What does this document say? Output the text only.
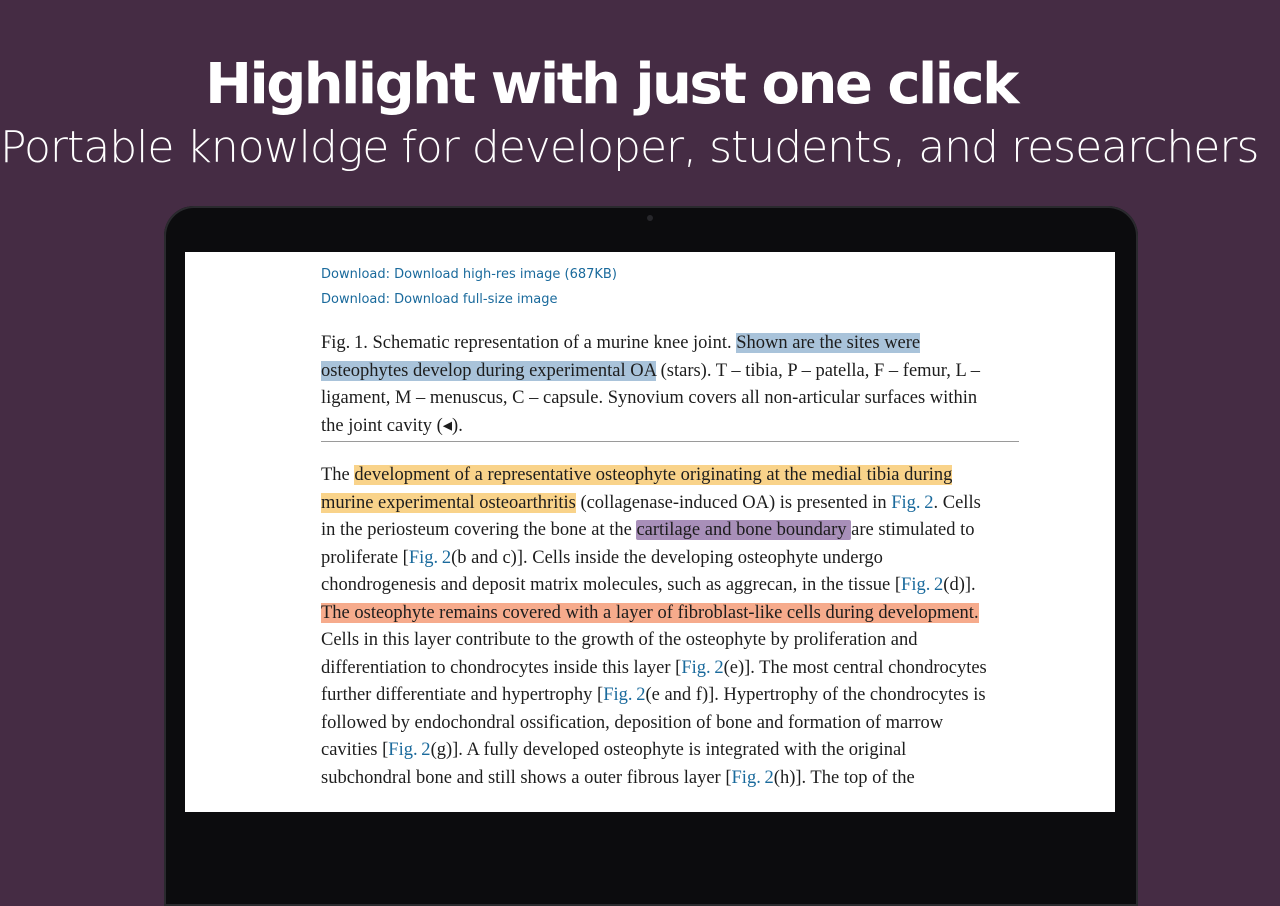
Highlight with just one click
Portable knowldge for developer, students, and researchers
Download: Download high-res image (687KB)
Download: Download full-size image
Fig. 1. Schematic representation of a murine knee joint. Shown are the sites were
osteophytes develop during experimental OA (stars). T – tibia, P – patella, F – femur, L –
ligament, M – menuscus, C – capsule. Synovium covers all non-articular surfaces within
the joint cavity (◂).
The development of a representative osteophyte originating at the medial tibia during
murine experimental osteoarthritis (collagenase-induced OA) is presented in Fig. 2. Cells
in the periosteum covering the bone at the cartilage and bone boundary are stimulated to
proliferate [Fig. 2(b and c)]. Cells inside the developing osteophyte undergo
chondrogenesis and deposit matrix molecules, such as aggrecan, in the tissue [Fig. 2(d)].
The osteophyte remains covered with a layer of fibroblast-like cells during development.
Cells in this layer contribute to the growth of the osteophyte by proliferation and
differentiation to chondrocytes inside this layer [Fig. 2(e)]. The most central chondrocytes
further differentiate and hypertrophy [Fig. 2(e and f)]. Hypertrophy of the chondrocytes is
followed by endochondral ossification, deposition of bone and formation of marrow
cavities [Fig. 2(g)]. A fully developed osteophyte is integrated with the original
subchondral bone and still shows a outer fibrous layer [Fig. 2(h)]. The top of the
